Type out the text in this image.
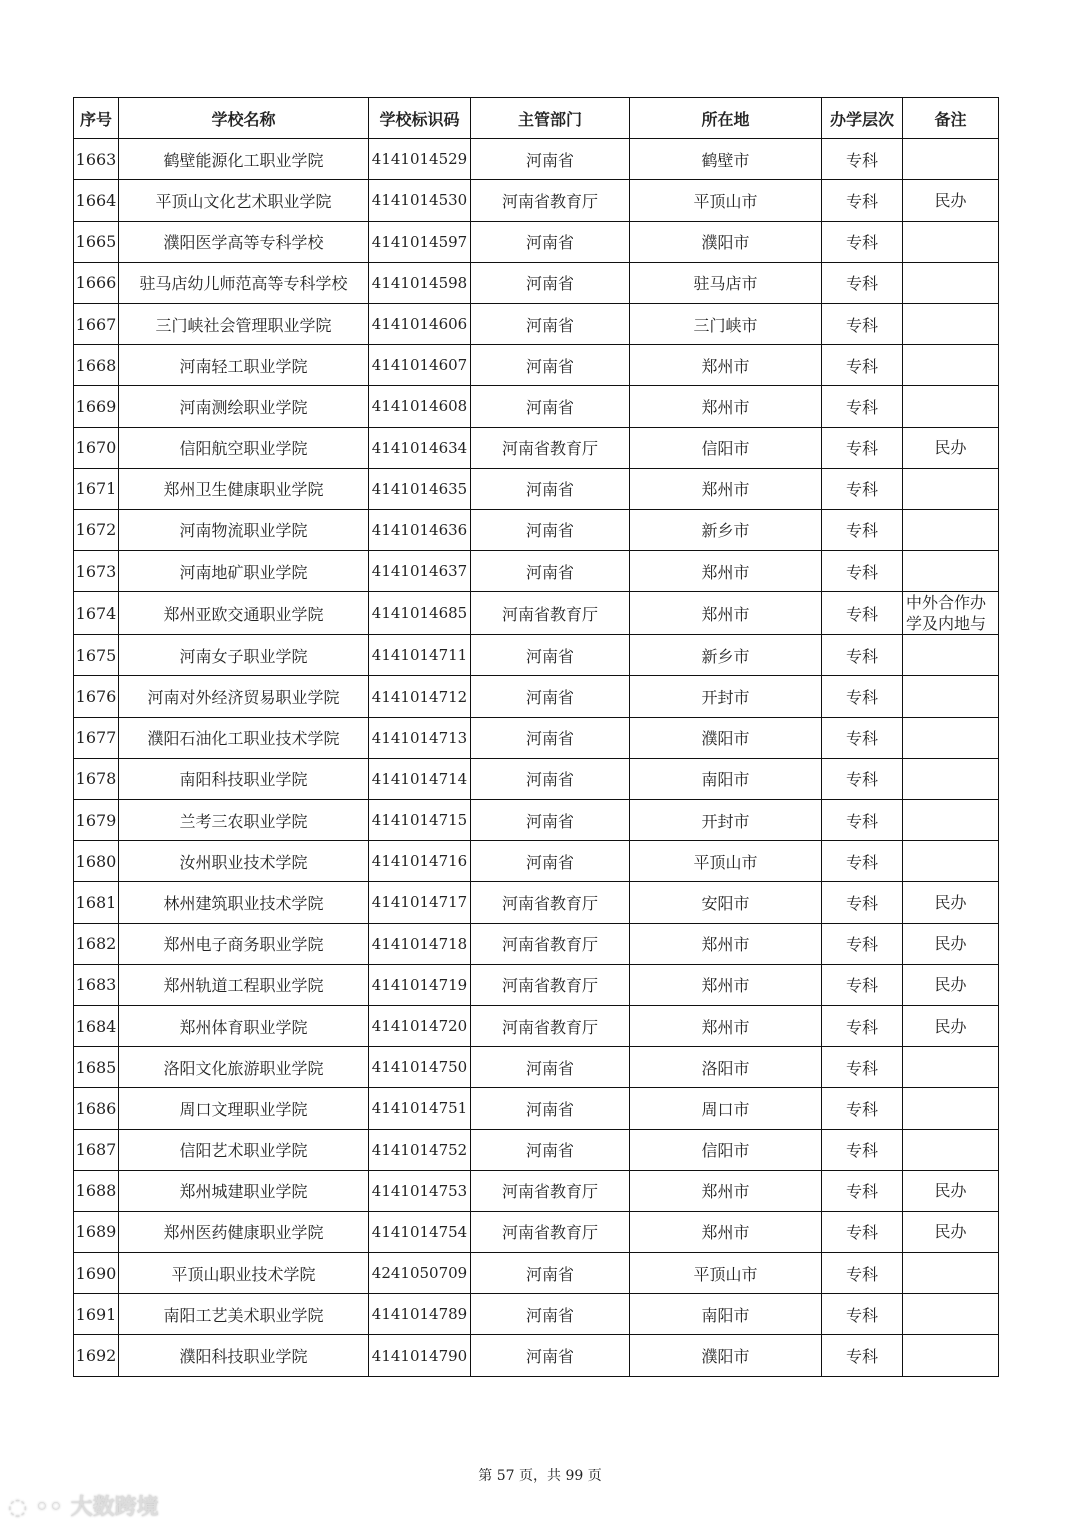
序号	学校名称	学校标识码	主管部门	所在地	办学层次	备注
1663	鹤壁能源化工职业学院	4141014529	河南省	鹤壁市	专科	
1664	平顶山文化艺术职业学院	4141014530	河南省教育厅	平顶山市	专科	民办
1665	濮阳医学高等专科学校	4141014597	河南省	濮阳市	专科	
1666	驻马店幼儿师范高等专科学校	4141014598	河南省	驻马店市	专科	
1667	三门峡社会管理职业学院	4141014606	河南省	三门峡市	专科	
1668	河南轻工职业学院	4141014607	河南省	郑州市	专科	
1669	河南测绘职业学院	4141014608	河南省	郑州市	专科	
1670	信阳航空职业学院	4141014634	河南省教育厅	信阳市	专科	民办
1671	郑州卫生健康职业学院	4141014635	河南省	郑州市	专科	
1672	河南物流职业学院	4141014636	河南省	新乡市	专科	
1673	河南地矿职业学院	4141014637	河南省	郑州市	专科	
1674	郑州亚欧交通职业学院	4141014685	河南省教育厅	郑州市	专科	中外合作办学及内地与
1675	河南女子职业学院	4141014711	河南省	新乡市	专科	
1676	河南对外经济贸易职业学院	4141014712	河南省	开封市	专科	
1677	濮阳石油化工职业技术学院	4141014713	河南省	濮阳市	专科	
1678	南阳科技职业学院	4141014714	河南省	南阳市	专科	
1679	兰考三农职业学院	4141014715	河南省	开封市	专科	
1680	汝州职业技术学院	4141014716	河南省	平顶山市	专科	
1681	林州建筑职业技术学院	4141014717	河南省教育厅	安阳市	专科	民办
1682	郑州电子商务职业学院	4141014718	河南省教育厅	郑州市	专科	民办
1683	郑州轨道工程职业学院	4141014719	河南省教育厅	郑州市	专科	民办
1684	郑州体育职业学院	4141014720	河南省教育厅	郑州市	专科	民办
1685	洛阳文化旅游职业学院	4141014750	河南省	洛阳市	专科	
1686	周口文理职业学院	4141014751	河南省	周口市	专科	
1687	信阳艺术职业学院	4141014752	河南省	信阳市	专科	
1688	郑州城建职业学院	4141014753	河南省教育厅	郑州市	专科	民办
1689	郑州医药健康职业学院	4141014754	河南省教育厅	郑州市	专科	民办
1690	平顶山职业技术学院	4241050709	河南省	平顶山市	专科	
1691	南阳工艺美术职业学院	4141014789	河南省	南阳市	专科	
1692	濮阳科技职业学院	4141014790	河南省	濮阳市	专科	
第 57 页，共 99 页
◌ ◦◦ 大数跨境
